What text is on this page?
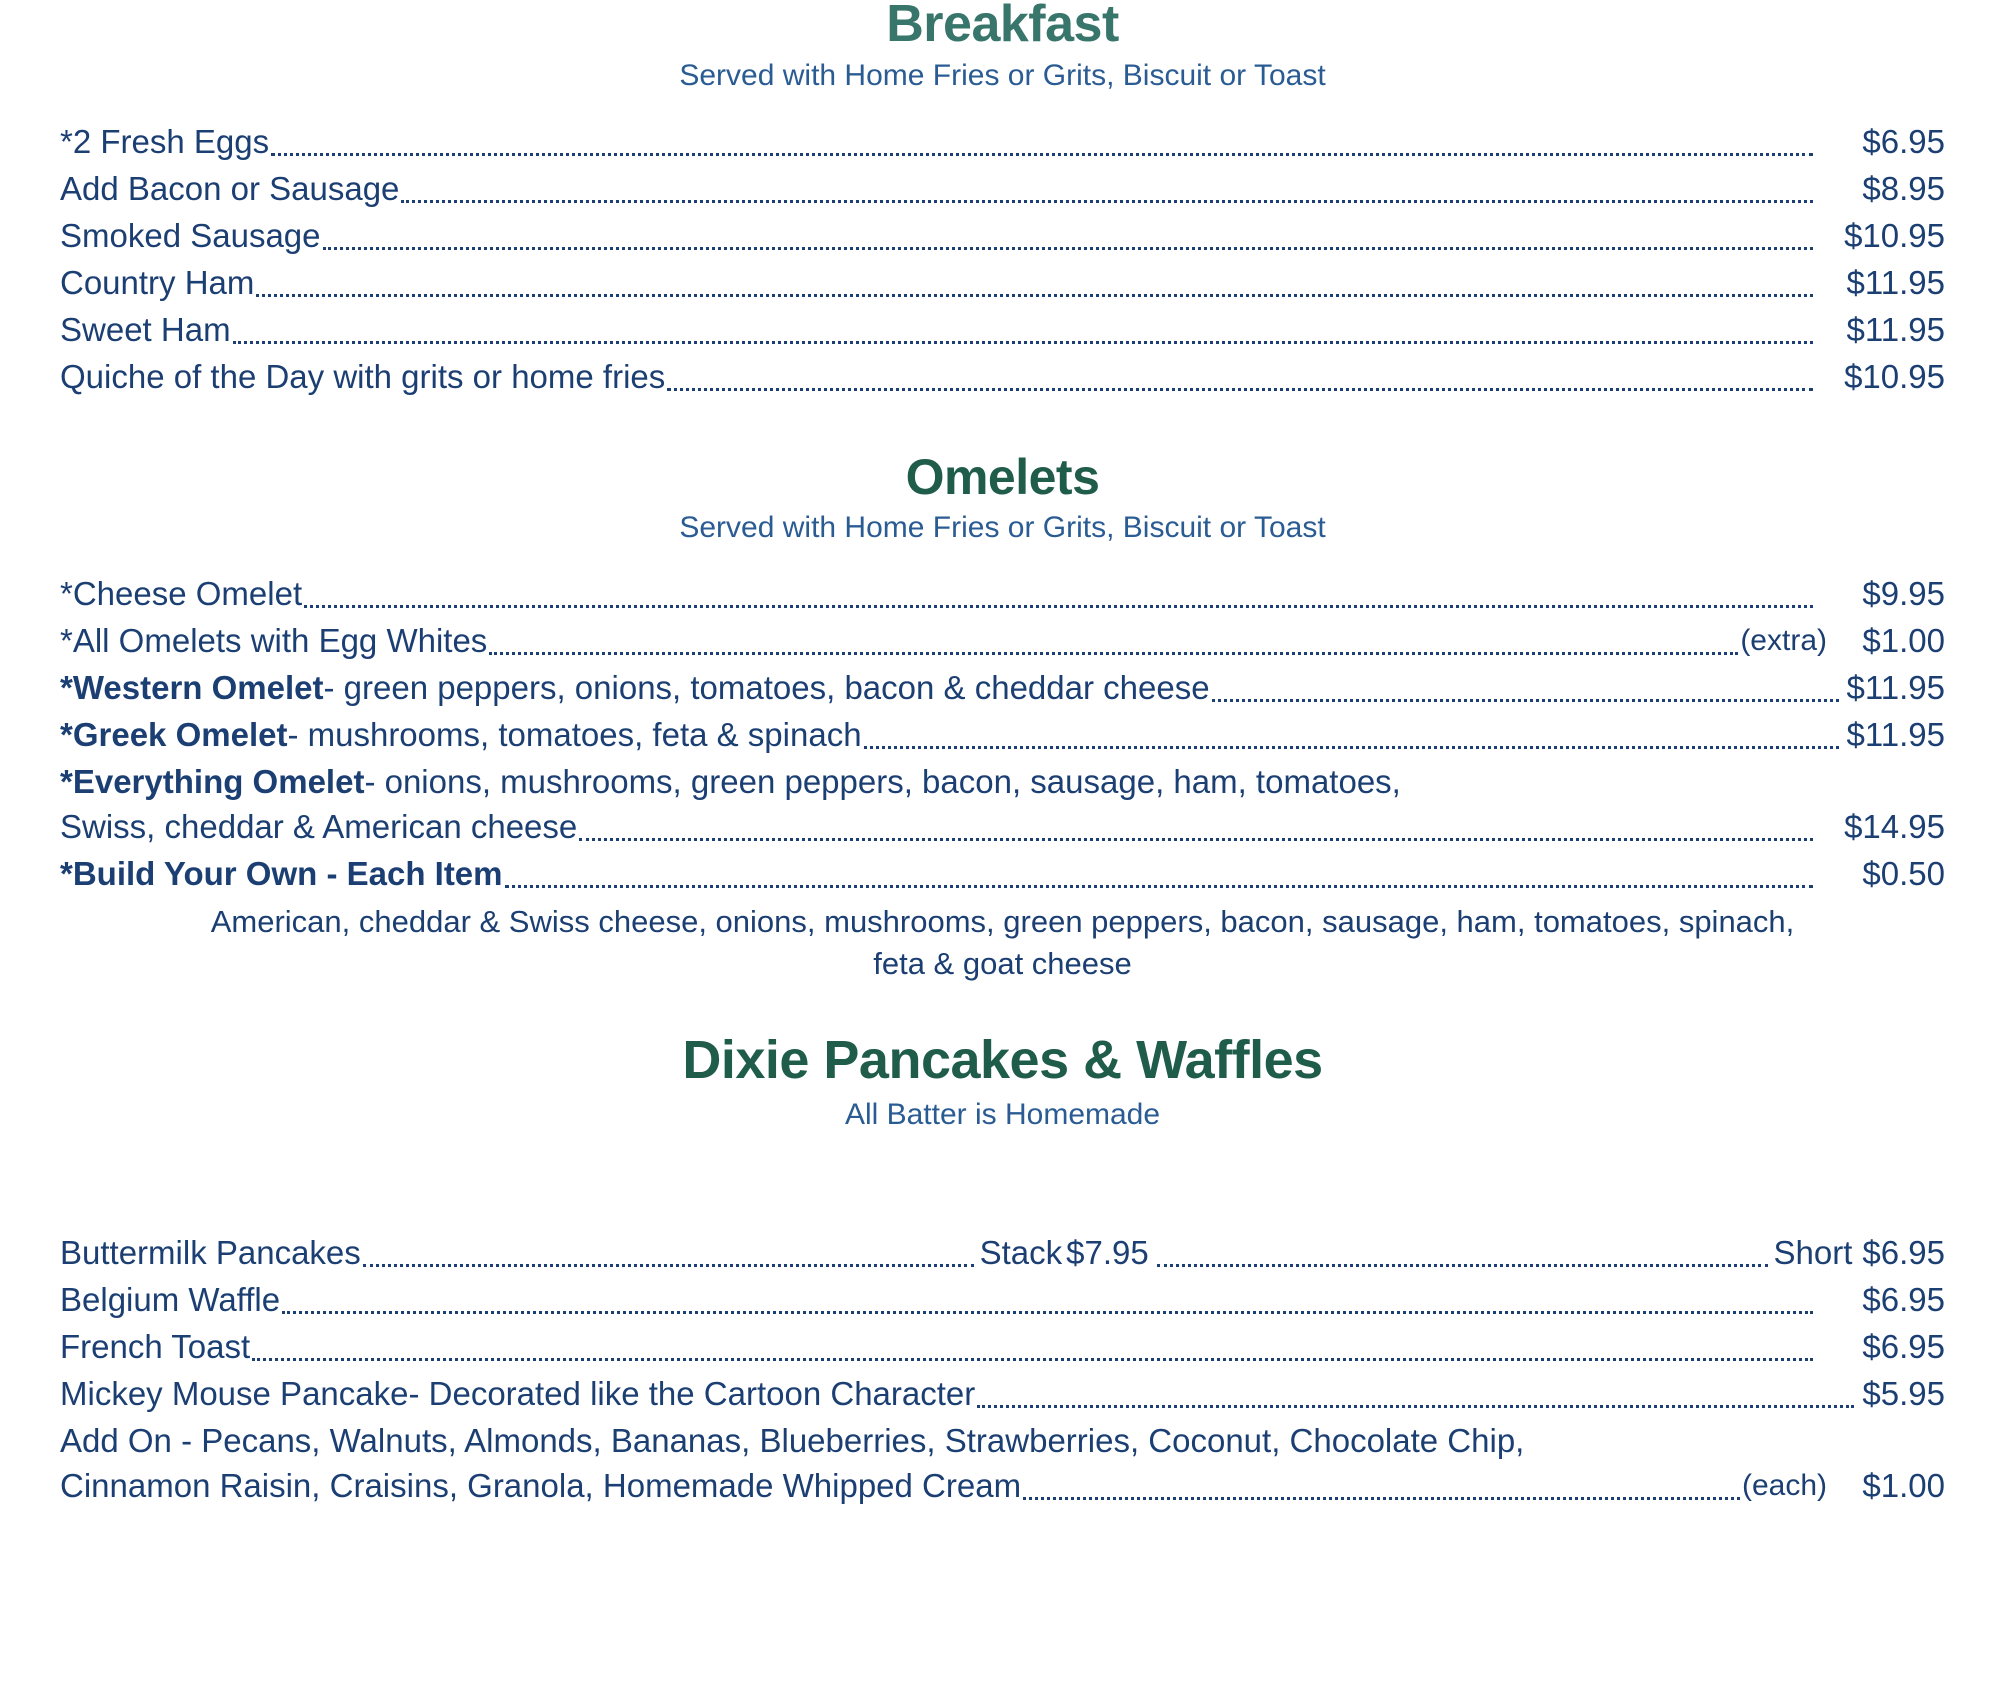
Breakfast
Served with Home Fries or Grits, Biscuit or Toast
*2 Fresh Eggs	$6.95
Add Bacon or Sausage	$8.95
Smoked Sausage	$10.95
Country Ham	$11.95
Sweet Ham	$11.95
Quiche of the Day with grits or home fries	$10.95
Omelets
Served with Home Fries or Grits, Biscuit or Toast
*Cheese Omelet	$9.95
*All Omelets with Egg Whites	(extra)	$1.00
*Western Omelet - green peppers, onions, tomatoes, bacon & cheddar cheese	$11.95
*Greek Omelet - mushrooms, tomatoes, feta & spinach	$11.95
*Everything Omelet - onions, mushrooms, green peppers, bacon, sausage, ham, tomatoes,
Swiss, cheddar & American cheese	$14.95
*Build Your Own - Each Item	$0.50
American, cheddar & Swiss cheese, onions, mushrooms, green peppers, bacon, sausage, ham, tomatoes, spinach, feta & goat cheese
Dixie Pancakes & Waffles
All Batter is Homemade
Buttermilk Pancakes	Stack $7.95	Short $6.95
Belgium Waffle	$6.95
French Toast	$6.95
Mickey Mouse Pancake - Decorated like the Cartoon Character	$5.95
Add On - Pecans, Walnuts, Almonds, Bananas, Blueberries, Strawberries, Coconut, Chocolate Chip,
Cinnamon Raisin, Craisins, Granola, Homemade Whipped Cream	(each)	$1.00
